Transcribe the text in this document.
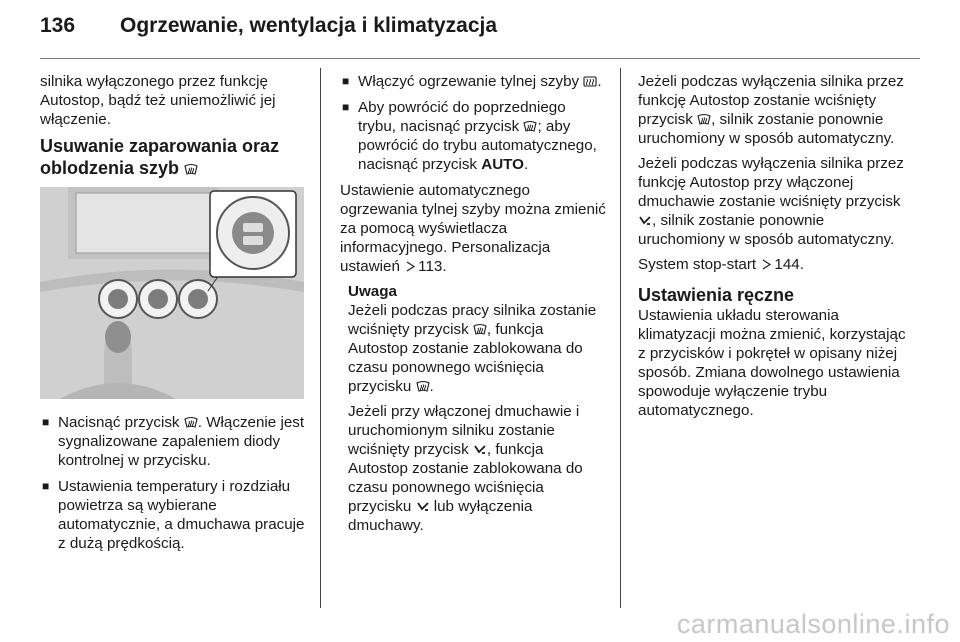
136 Ogrzewanie, wentylacja i klimatyzacja

silnika wyłączonego przez funkcję Autostop, bądź też uniemożliwić jej włączenie.

Usuwanie zaparowania oraz oblodzenia szyb
■ Nacisnąć przycisk . Włączenie jest sygnalizowane zapaleniem diody kontrolnej w przycisku.
■ Ustawienia temperatury i rozdziału powietrza są wybierane automatycznie, a dmuchawa pracuje z dużą prędkością.
■ Włączyć ogrzewanie tylnej szyby .
■ Aby powrócić do poprzedniego trybu, nacisnąć przycisk ; aby powrócić do trybu automatycznego, nacisnąć przycisk AUTO.

Ustawienie automatycznego ogrzewania tylnej szyby można zmienić za pomocą wyświetlacza informacyjnego. Personalizacja ustawień 113.

Uwaga

Jeżeli podczas pracy silnika zostanie wciśnięty przycisk , funkcja Autostop zostanie zablokowana do czasu ponownego wciśnięcia przycisku .

Jeżeli przy włączonej dmuchawie i uruchomionym silniku zostanie wciśnięty przycisk , funkcja Autostop zostanie zablokowana do czasu ponownego wciśnięcia przycisku  lub wyłączenia dmuchawy.

Jeżeli podczas wyłączenia silnika przez funkcję Autostop zostanie wciśnięty przycisk , silnik zostanie ponownie uruchomiony w sposób automatyczny.

Jeżeli podczas wyłączenia silnika przez funkcję Autostop przy włączonej dmuchawie zostanie wciśnięty przycisk , silnik zostanie ponownie uruchomiony w sposób automatyczny.

System stop-start 144.

Ustawienia ręczne

Ustawienia układu sterowania klimatyzacji można zmienić, korzystając z przycisków i pokręteł w opisany niżej sposób. Zmiana dowolnego ustawienia spowoduje wyłączenie trybu automatycznego.

carmanualsonline.info
